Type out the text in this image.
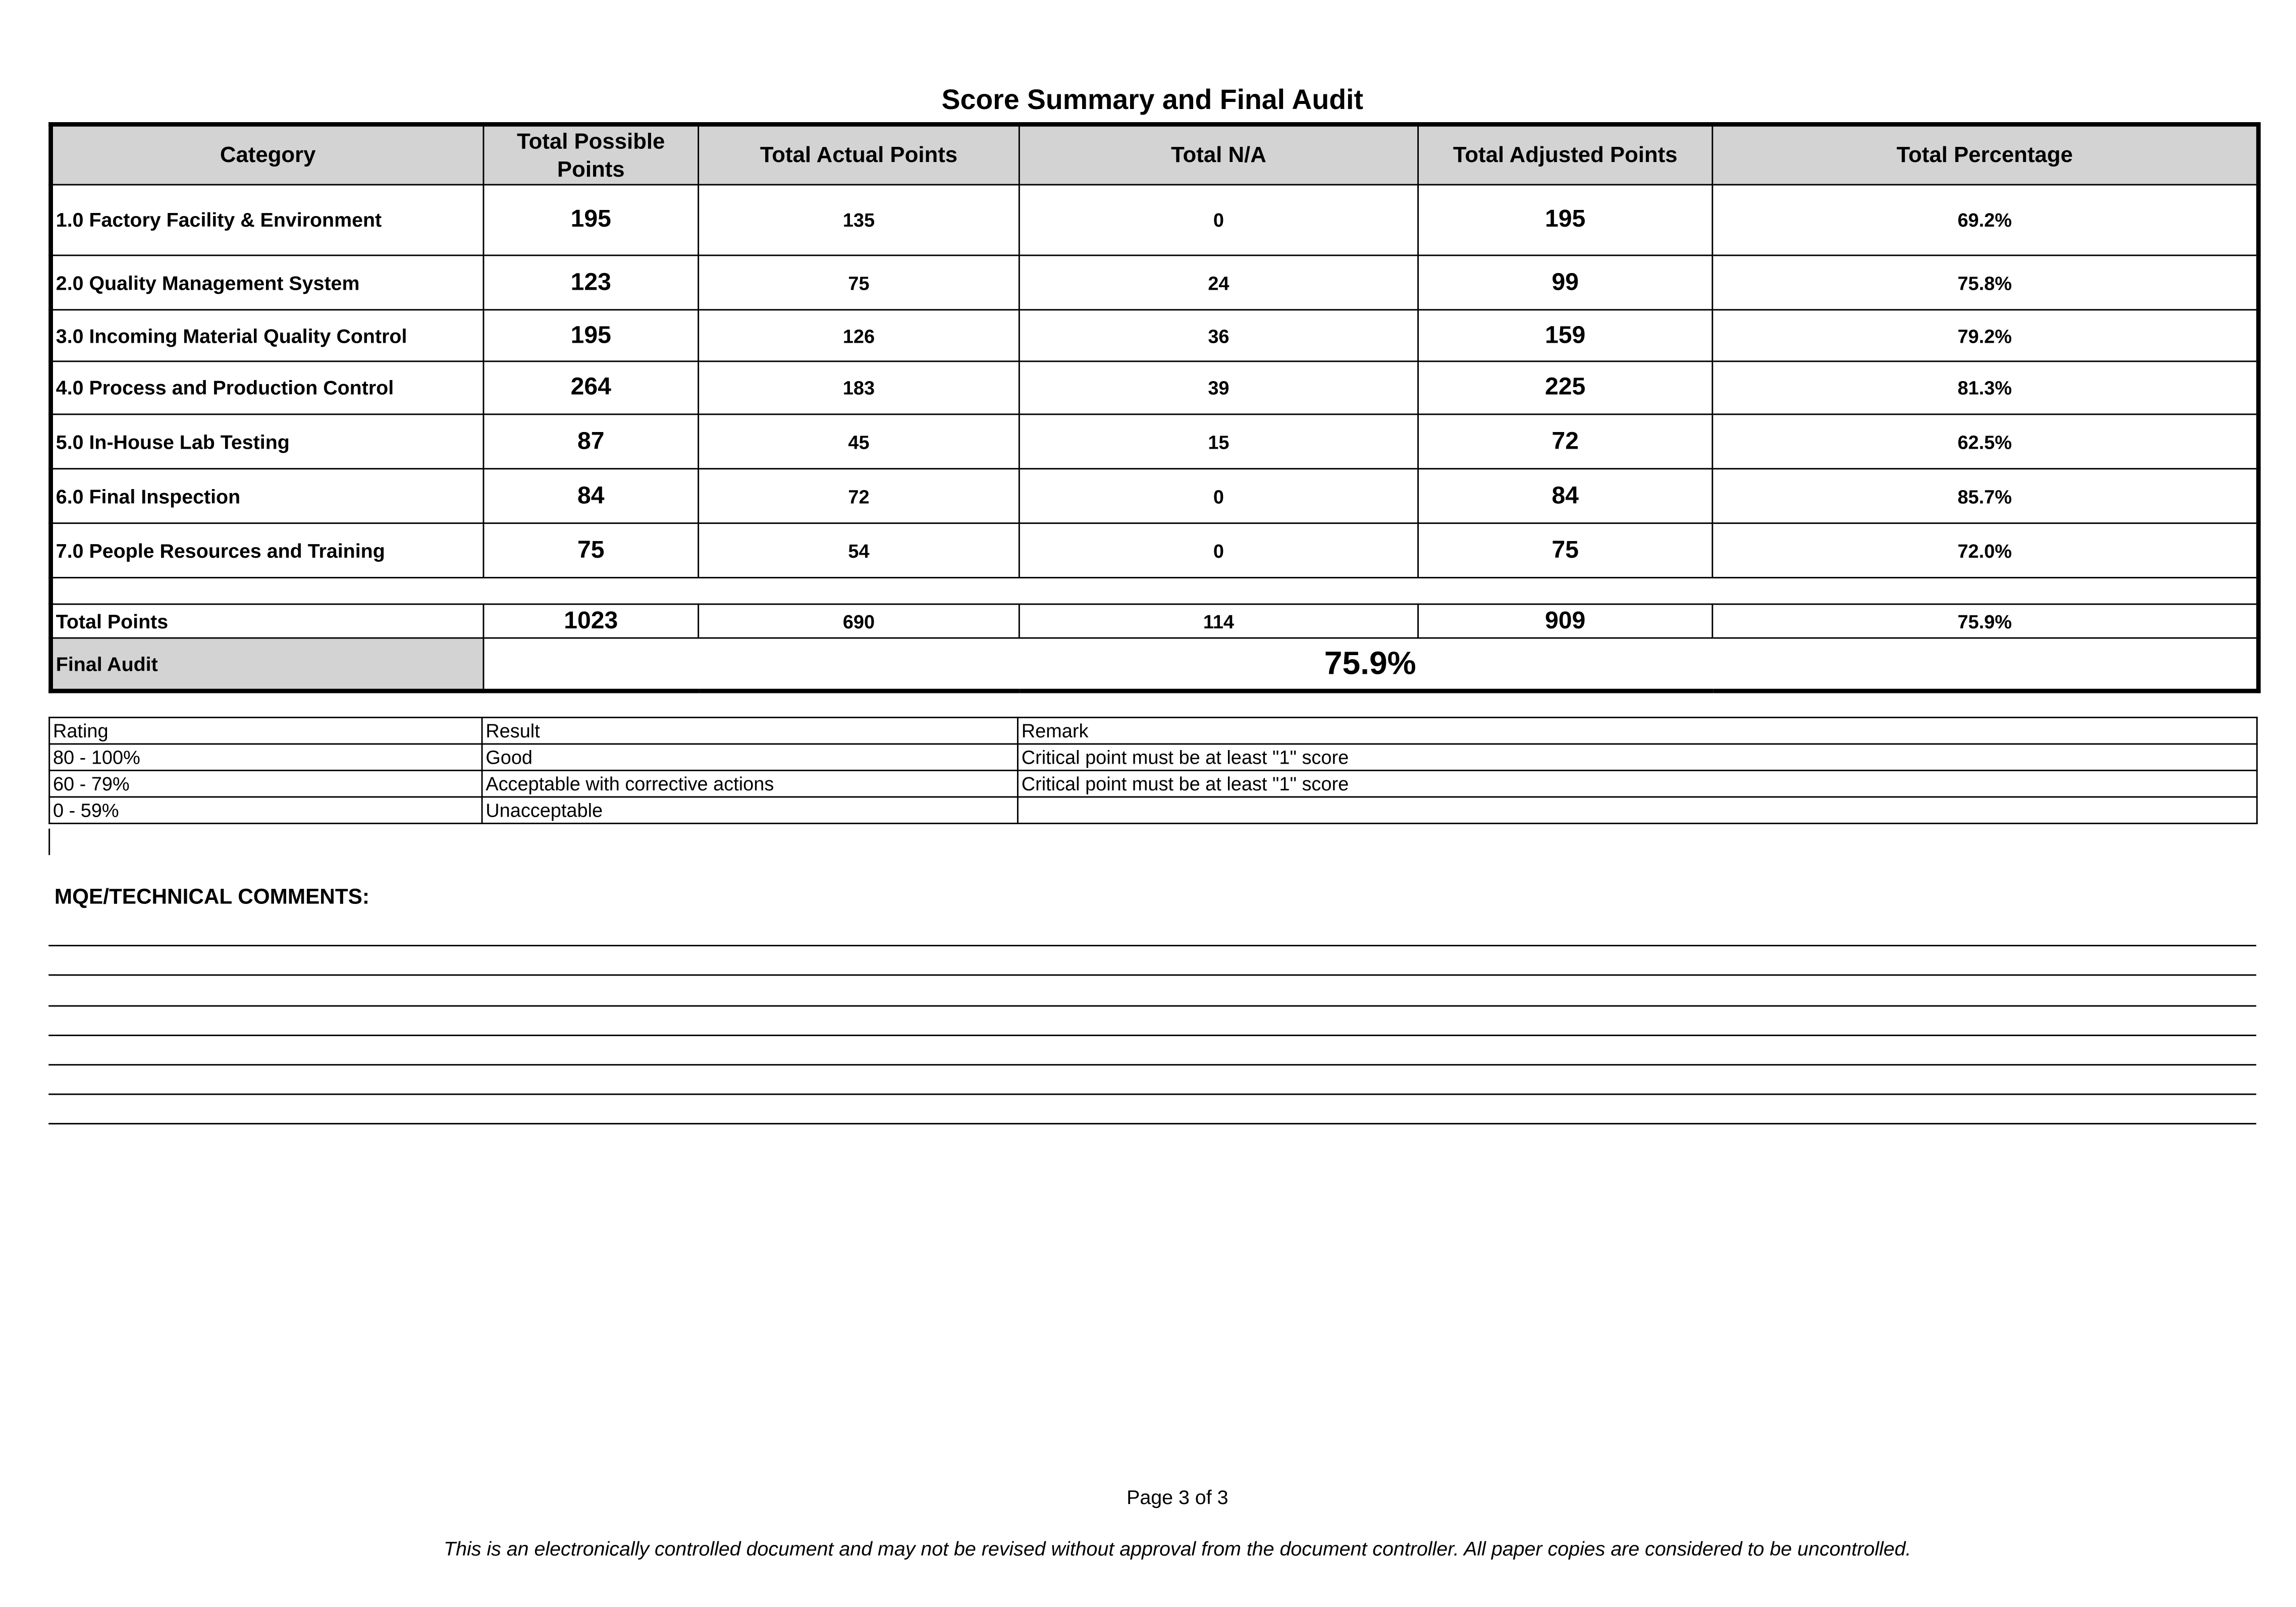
Score Summary and Final Audit
Category	Total Possible Points	Total Actual Points	Total N/A	Total Adjusted Points	Total Percentage
1.0 Factory Facility & Environment	195	135	0	195	69.2%
2.0 Quality Management System	123	75	24	99	75.8%
3.0 Incoming Material Quality Control	195	126	36	159	79.2%
4.0 Process and Production Control	264	183	39	225	81.3%
5.0 In-House Lab Testing	87	45	15	72	62.5%
6.0 Final Inspection	84	72	0	84	85.7%
7.0 People Resources and Training	75	54	0	75	72.0%

Total Points	1023	690	114	909	75.9%
Final Audit	75.9%				
Rating	Result	Remark
80 - 100%	Good	Critical point must be at least "1" score
60 - 79%	Acceptable with corrective actions	Critical point must be at least "1" score
0 - 59%	Unacceptable	
MQE/TECHNICAL COMMENTS:
Page 3 of 3
This is an electronically controlled document and may not be revised without approval from the document controller. All paper copies are considered to be uncontrolled.
